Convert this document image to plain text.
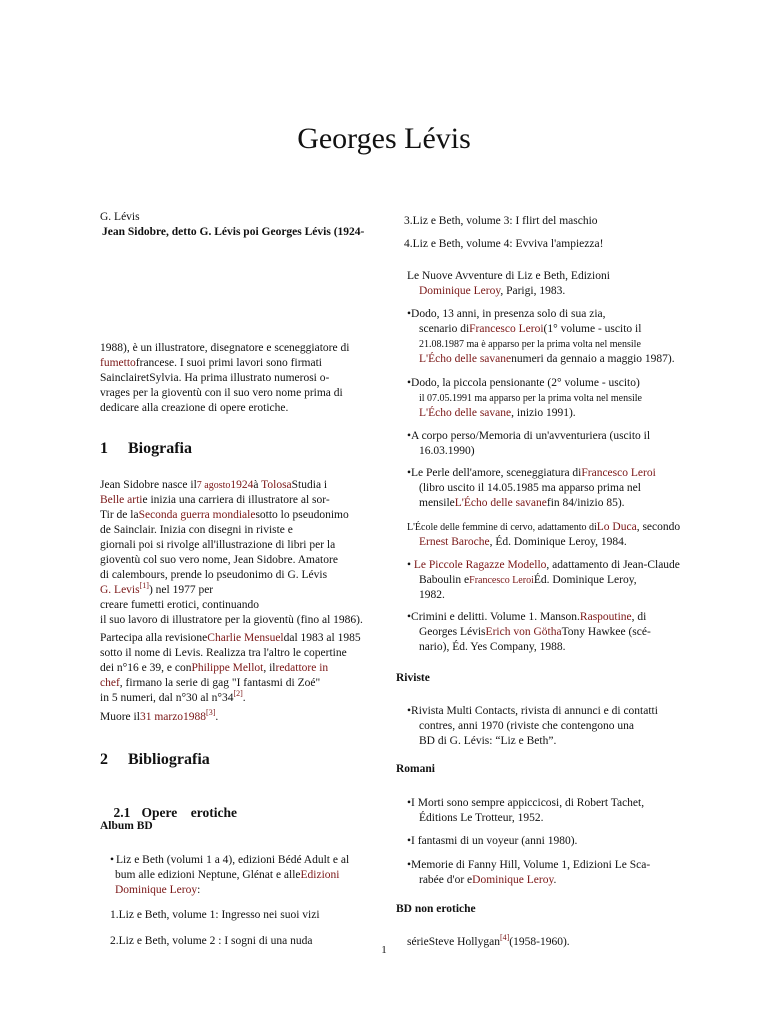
Georges Lévis

G. Lévis

Jean Sidobre, detto G. Lévis poi Georges Lévis (1924-

1988), è un illustratore, disegnatore e sceneggiatore di

fumettofrancese. I suoi primi lavori sono firmati

SainclairetSylvia. Ha prima illustrato numerosi o-

vrages per la gioventù con il suo vero nome prima di

dedicare alla creazione di opere erotiche.

1 Biografia

Jean Sidobre nasce il7 agosto1924à TolosaStudia i

Belle artie inizia una carriera di illustratore al sor-

Tir de laSeconda guerra mondialesotto lo pseudonimo

de Sainclair. Inizia con disegni in riviste e

giornali poi si rivolge all'illustrazione di libri per la

gioventù col suo vero nome, Jean Sidobre. Amatore

di calembours, prende lo pseudonimo di G. Lévis

G. Levis[1]) nel 1977 per

creare fumetti erotici, continuando

il suo lavoro di illustratore per la gioventù (fino al 1986).

Partecipa alla revisioneCharlie Mensueldal 1983 al 1985

sotto il nome di Levis. Realizza tra l'altro le copertine

dei n°16 e 39, e conPhilippe Mellot, ilredattore in

chef, firmano la serie di gag "I fantasmi di Zoé"

in 5 numeri, dal n°30 al n°34[2].

Muore il31 marzo1988[3].

2 Bibliografia

2.1 Opere    erotiche

Album BD

• Liz e Beth (volumi 1 a 4), edizioni Bédé Adult e al

bum alle edizioni Neptune, Glénat e alleEdizioni

Dominique Leroy:

1.Liz e Beth, volume 1: Ingresso nei suoi vizi

2.Liz e Beth, volume 2 : I sogni di una nuda

3.Liz e Beth, volume 3: I flirt del maschio

4.Liz e Beth, volume 4: Evviva l'ampiezza!

Le Nuove Avventure di Liz e Beth, Edizioni

Dominique Leroy, Parigi, 1983.

•Dodo, 13 anni, in presenza solo di sua zia,

scenario diFrancesco Leroi(1° volume - uscito il

21.08.1987 ma è apparso per la prima volta nel mensile

L'Écho delle savanenumeri da gennaio a maggio 1987).

•Dodo, la piccola pensionante (2° volume - uscito)

il 07.05.1991 ma apparso per la prima volta nel mensile

L'Écho delle savane, inizio 1991).

•A corpo perso/Memoria di un'avventuriera (uscito il

16.03.1990)

•Le Perle dell'amore, sceneggiatura diFrancesco Leroi

(libro uscito il 14.05.1985 ma apparso prima nel

mensileL'Écho delle savanefin 84/inizio 85).

L'École delle femmine di cervo, adattamento diLo Duca, secondo

Ernest Baroche, Éd. Dominique Leroy, 1984.

• Le Piccole Ragazze Modello, adattamento di Jean-Claude

Baboulin eFrancesco LeroiÉd. Dominique Leroy,

1982.

•Crimini e delitti. Volume 1. Manson.Raspoutine, di

Georges LévisErich von GöthaTony Hawkee (scé-

nario), Éd. Yes Company, 1988.

Riviste

•Rivista Multi Contacts, rivista di annunci e di contatti

contres, anni 1970 (riviste che contengono una

BD di G. Lévis: “Liz e Beth”.

Romani

•I Morti sono sempre appiccicosi, di Robert Tachet,

Éditions Le Trotteur, 1952.

•I fantasmi di un voyeur (anni 1980).

•Memorie di Fanny Hill, Volume 1, Edizioni Le Sca-

rabée d'or eDominique Leroy.

BD non erotiche

sérieSteve Hollygan[4](1958-1960).

1
